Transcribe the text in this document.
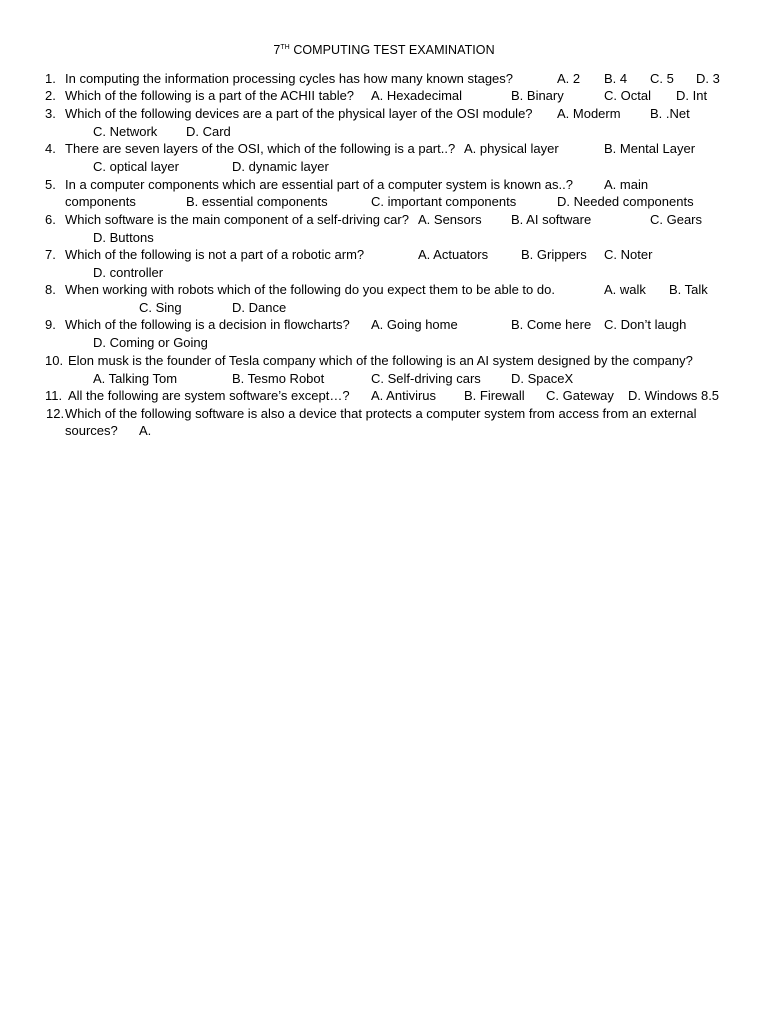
7TH COMPUTING TEST EXAMINATION
1. In computing the information processing cycles has how many known stages?	A. 2 B. 4 C. 5 D. 3
2. Which of the following is a part of the ACHII table? A. Hexadecimal	B. Binary	C. Octal D. Int
3. Which of the following devices are a part of the physical layer of the OSI module? A. Moderm B. .Net
C. Network D. Card
4. There are seven layers of the OSI, which of the following is a part..? A. physical layer	B. Mental Layer
C. optical layer	D. dynamic layer
5. In a computer components which are essential part of a computer system is known as..? A. main
components	B. essential components	C. important components	D. Needed components
6. Which software is the main component of a self-driving car? A. Sensors B. AI software	C. Gears
D. Buttons
7. Which of the following is not a part of a robotic arm?	A. Actuators	B. Grippers C. Noter
D. controller
8. When working with robots which of the following do you expect them to be able to do.	A. walk B. Talk
C. Sing	D. Dance
9. Which of the following is a decision in flowcharts? A. Going home	B. Come here C. Don’t laugh
D. Coming or Going
10. Elon musk is the founder of Tesla company which of the following is an AI system designed by the company?
A. Talking Tom	B. Tesmo Robot	C. Self-driving cars D. SpaceX
11. All the following are system software’s except…? A. Antivirus B. Firewall C. Gateway D. Windows 8.5
12. Which of the following software is also a device that protects a computer system from access from an external
sources? A.
